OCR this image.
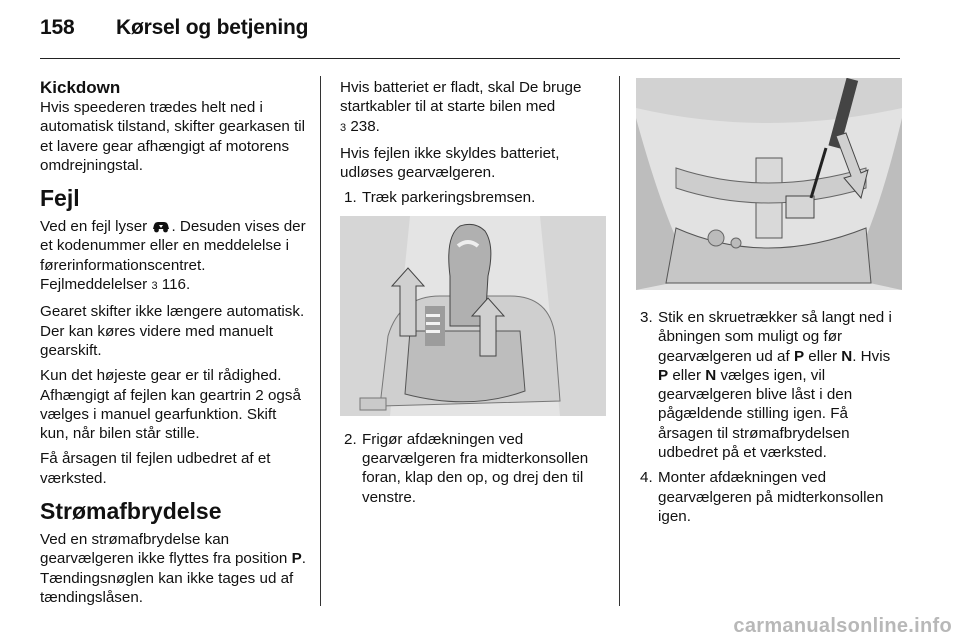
158 Kørsel og betjening
Kickdown

Hvis speederen trædes helt ned i automatisk tilstand, skifter gearkasen til et lavere gear afhængigt af motorens omdrejningstal.

Fejl

Ved en fejl lyser . Desuden vises der et kodenummer eller en meddelelse i førerinformationscentret. Fejlmeddelelser 3 116.

Gearet skifter ikke længere automatisk. Der kan køres videre med manuelt gearskift.

Kun det højeste gear er til rådighed. Afhængigt af fejlen kan geartrin 2 også vælges i manuel gearfunktion. Skift kun, når bilen står stille.

Få årsagen til fejlen udbedret af et værksted.

Strømafbrydelse

Ved en strømafbrydelse kan gearvælgeren ikke flyttes fra position P. Tændingsnøglen kan ikke tages ud af tændingslåsen.

Hvis batteriet er fladt, skal De bruge startkabler til at starte bilen med
3 238.

Hvis fejlen ikke skyldes batteriet, udløses gearvælgeren.

1. Træk parkeringsbremsen.
2. Frigør afdækningen ved gearvælgeren fra midterkonsollen foran, klap den op, og drej den til venstre.
3. Stik en skruetrækker så langt ned i åbningen som muligt og før gearvælgeren ud af P eller N. Hvis P eller N vælges igen, vil gearvælgeren blive låst i den pågældende stilling igen. Få årsagen til strømafbrydelsen udbedret på et værksted.
4. Monter afdækningen ved gearvælgeren på midterkonsollen igen.
carmanualsonline.info
